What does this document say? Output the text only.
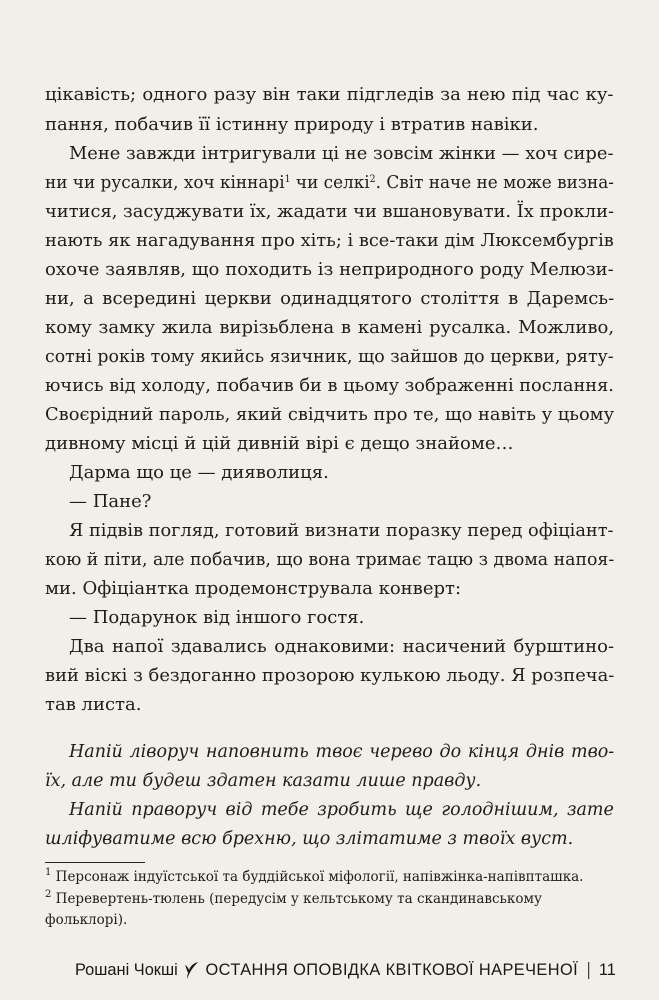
цікавість; одного разу він таки підгледів за нею під час ку-
пання, побачив її істинну природу і втратив навіки.
Мене завжди інтригували ці не зовсім жінки — хоч сире-
ни чи русалки, хоч кіннарі$^1$ чи селкі$^2$. Світ наче не може визна-
читися, засуджувати їх, жадати чи вшановувати. Їх прокли-
нають як нагадування про хіть; і все-таки дім Люксембургів
охоче заявляв, що походить із неприродного роду Мелюзи-
ни, а всередині церкви одинадцятого століття в Даремсь-
кому замку жила вирізьблена в камені русалка. Можливо,
сотні років тому якийсь язичник, що зайшов до церкви, ряту-
ючись від холоду, побачив би в цьому зображенні послання.
Своєрідний пароль, який свідчить про те, що навіть у цьому
дивному місці й цій дивній вірі є дещо знайоме…
Дарма що це — дияволиця.
— Пане?
Я підвів погляд, готовий визнати поразку перед офіціант-
кою й піти, але побачив, що вона тримає тацю з двома напоя-
ми. Офіціантка продемонструвала конверт:
— Подарунок від іншого гостя.
Два напої здавались однаковими: насичений бурштино-
вий віскі з бездоганно прозорою кулькою льоду. Я розпеча-
тав листа.
Напій ліворуч наповнить твоє черево до кінця днів тво-
їх, але ти будеш здатен казати лише правду.
Напій праворуч від тебе зробить ще голоднішим, зате
шліфуватиме всю брехню, що злітатиме з твоїх вуст.
$^1$ Персонаж індуїстської та буддійської міфології, напівжінка-напівпташка.
$^2$ Перевертень-тюлень (передусім у кельтському та скандинавському
фольклорі).
Рошані Чокші ОСТАННЯ ОПОВІДКА КВІТКОВОЇ НАРЕЧЕНОЇ 11
